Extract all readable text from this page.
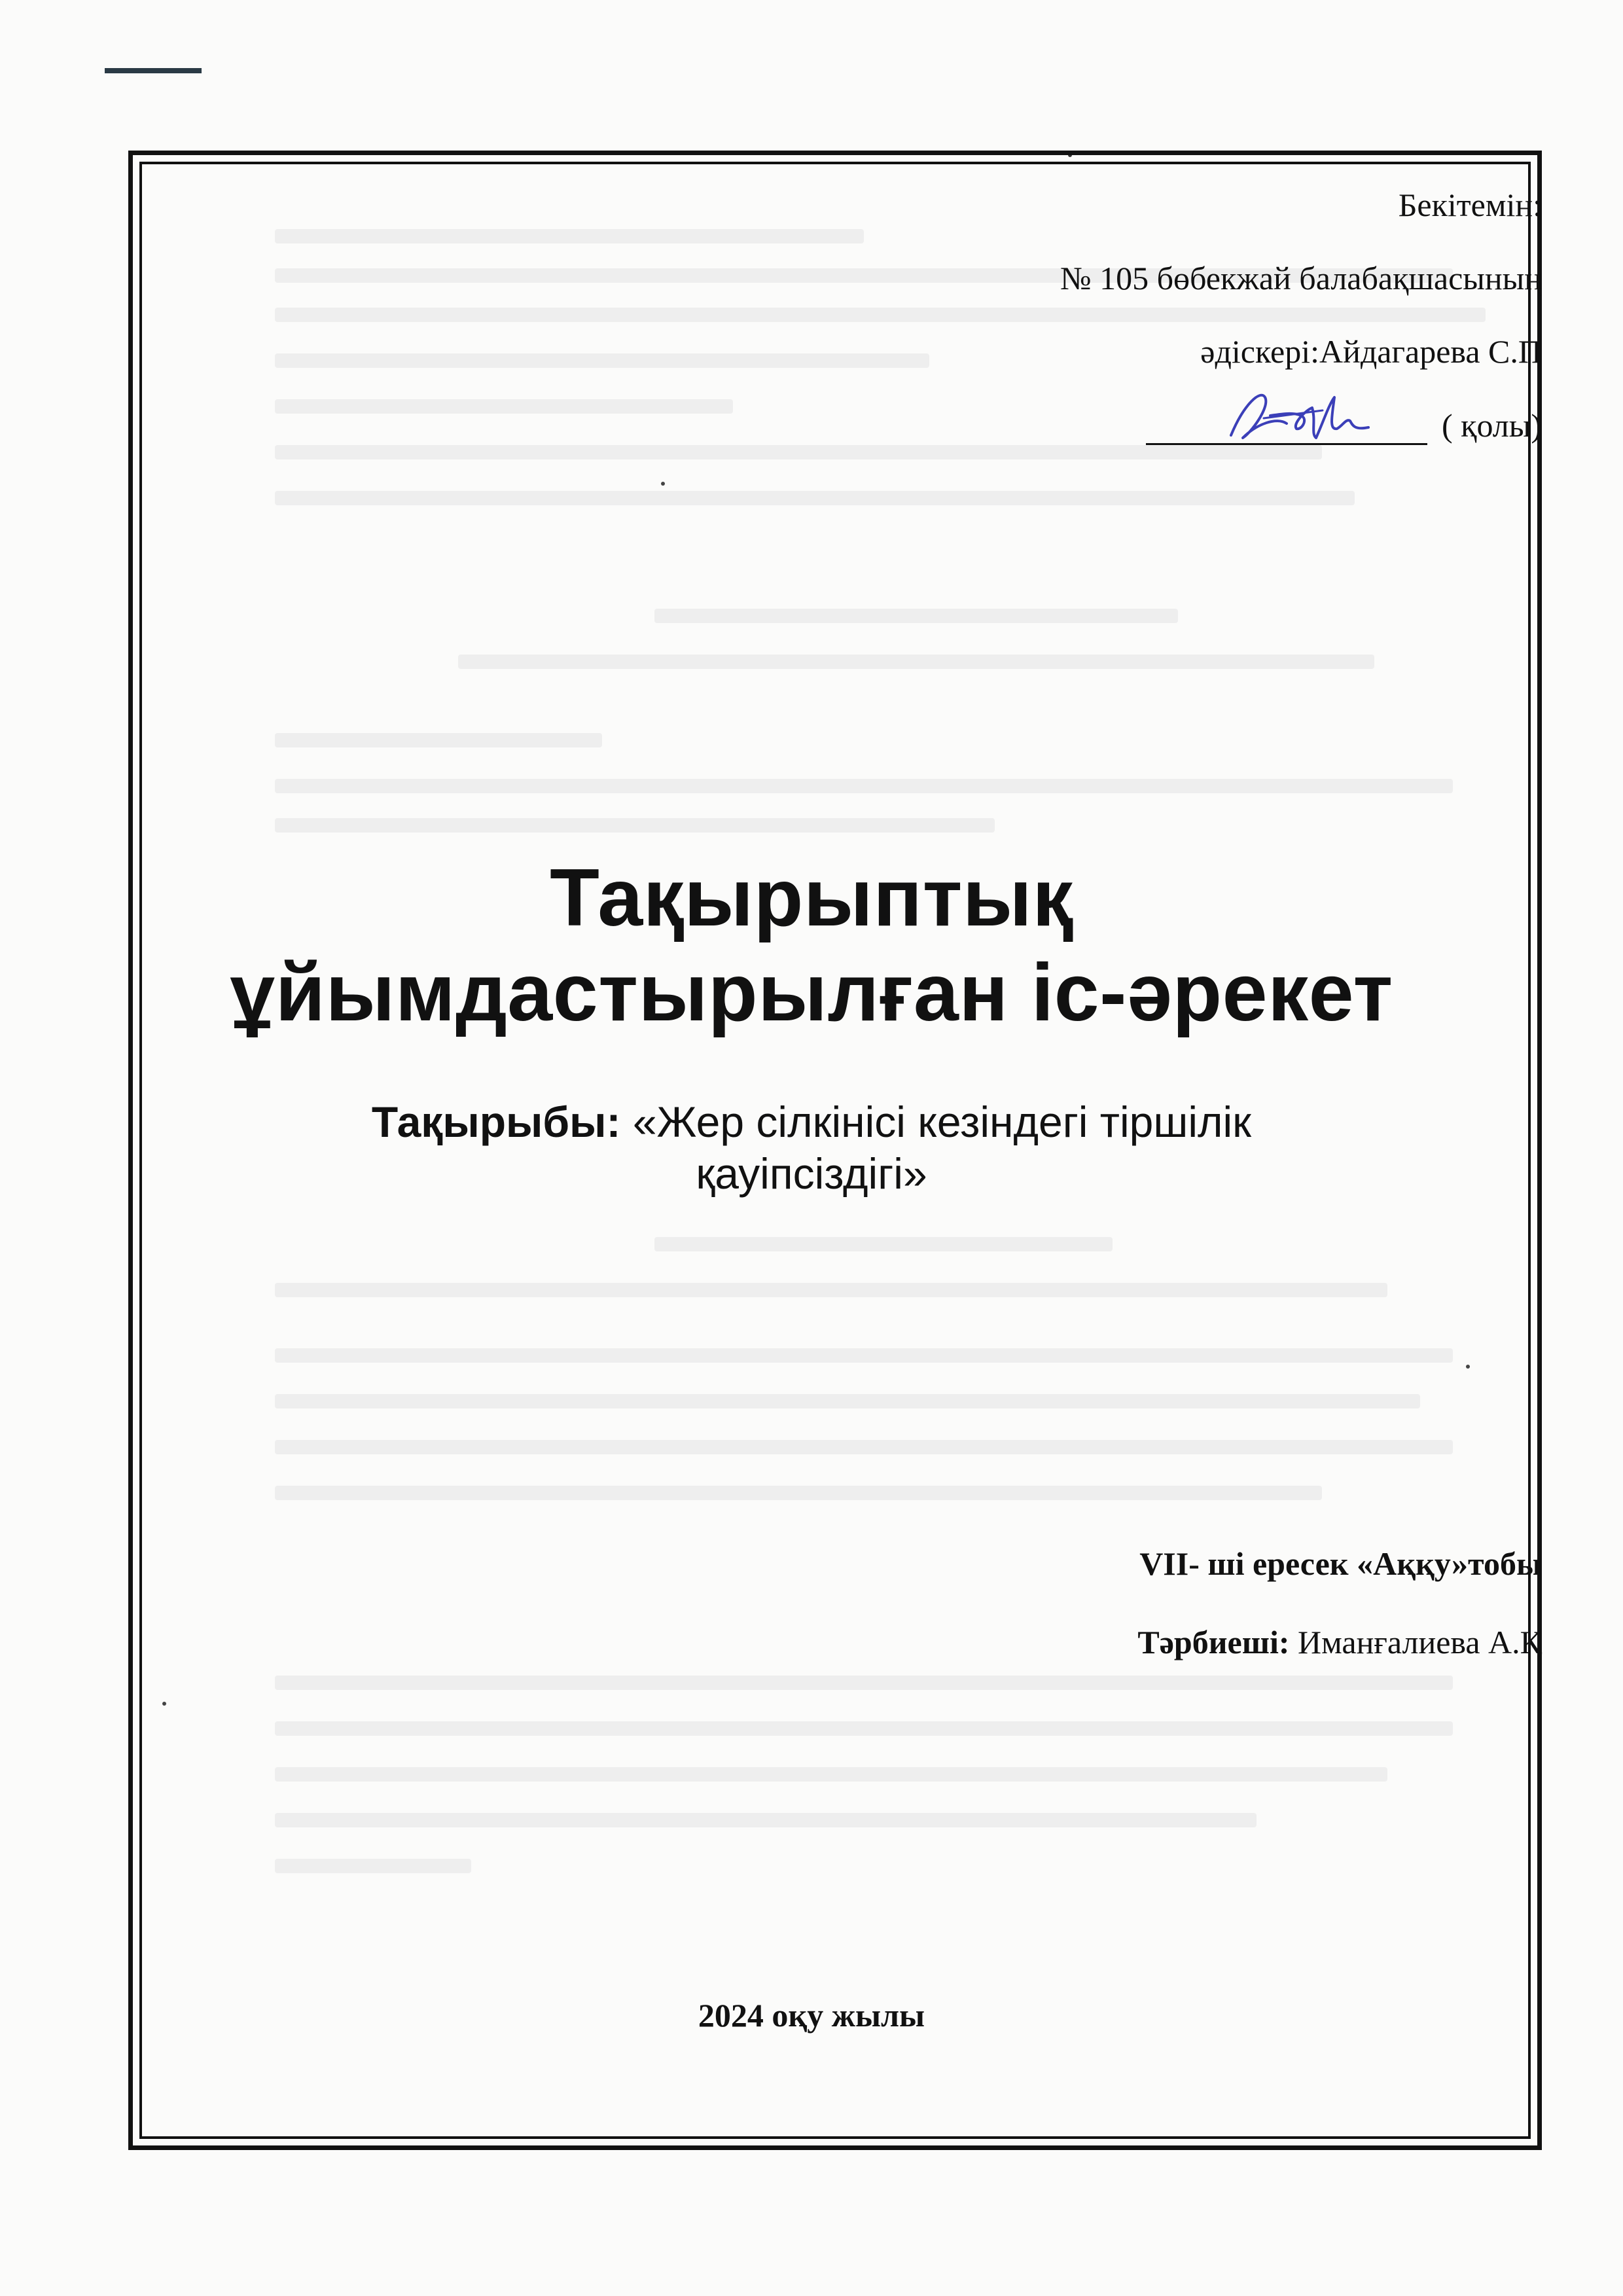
Бекітемін:
№ 105 бөбекжай балабақшасының
әдіскері:Айдагарева С.П
( қолы)
Тақырыптық ұйымдастырылған іс-әрекет
Тақырыбы: «Жер сілкінісі кезіндегі тіршілік қауіпсіздігі»
VII- ші ересек «Аққу»тобы
Тәрбиеші: Иманғалиева А.Қ
2024 оқу жылы
